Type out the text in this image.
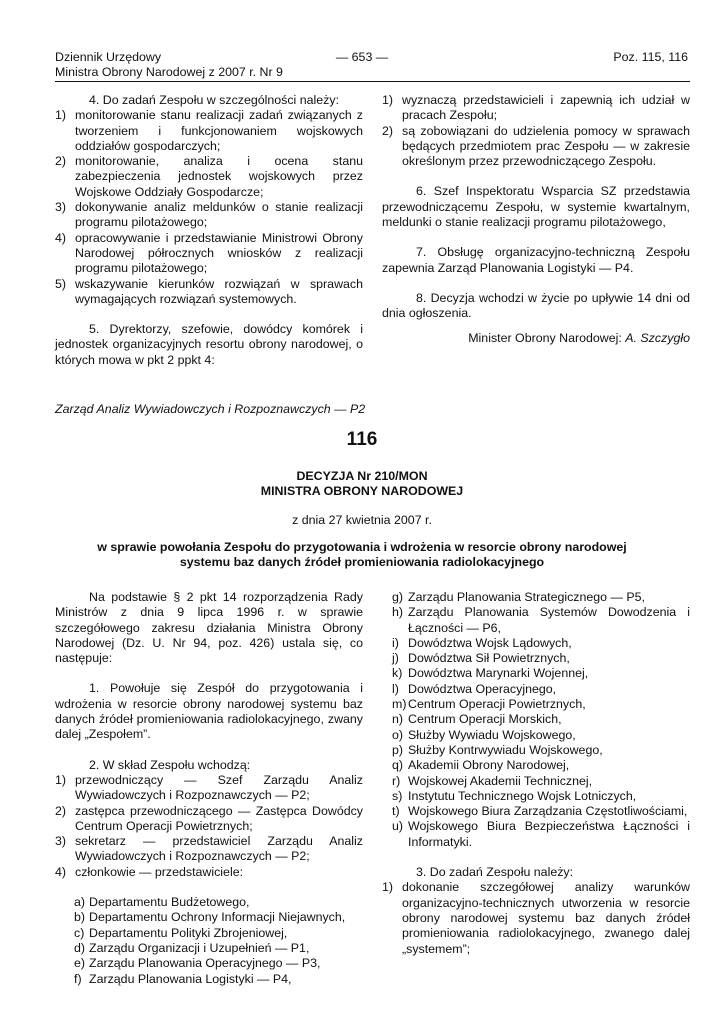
Dziennik Urzędowy
Ministra Obrony Narodowej z 2007 r. Nr 9
— 653 —	Poz. 115, 116

4. Do zadań Zespołu w szczególności należy:

1) monitorowanie stanu realizacji zadań związanych z tworzeniem i funkcjonowaniem wojskowych oddziałów gospodarczych;
2) monitorowanie, analiza i ocena stanu zabezpieczenia jednostek wojskowych przez Wojskowe Oddziały Gospodarcze;
3) dokonywanie analiz meldunków o stanie realizacji programu pilotażowego;
4) opracowywanie i przedstawianie Ministrowi Obrony Narodowej półrocznych wniosków z realizacji programu pilotażowego;
5) wskazywanie kierunków rozwiązań w sprawach wymagających rozwiązań systemowych.

5. Dyrektorzy, szefowie, dowódcy komórek i jednostek organizacyjnych resortu obrony narodowej, o których mowa w pkt 2 ppkt 4:

1) wyznaczą przedstawicieli i zapewnią ich udział w pracach Zespołu;
2) są zobowiązani do udzielenia pomocy w sprawach będących przedmiotem prac Zespołu — w zakresie określonym przez przewodniczącego Zespołu.

6. Szef Inspektoratu Wsparcia SZ przedstawia przewodniczącemu Zespołu, w systemie kwartalnym, meldunki o stanie realizacji programu pilotażowego,

7. Obsługę organizacyjno-techniczną Zespołu zapewnia Zarząd Planowania Logistyki — P4.

8. Decyzja wchodzi w życie po upływie 14 dni od dnia ogłoszenia.

Minister Obrony Narodowej: A. Szczygło

Zarząd Analiz Wywiadowczych i Rozpoznawczych — P2
116
DECYZJA Nr 210/MON
MINISTRA OBRONY NARODOWEJ
z dnia 27 kwietnia 2007 r.
w sprawie powołania Zespołu do przygotowania i wdrożenia w resorcie obrony narodowej
systemu baz danych źródeł promieniowania radiolokacyjnego

Na podstawie § 2 pkt 14 rozporządzenia Rady Ministrów z dnia 9 lipca 1996 r. w sprawie szczegółowego zakresu działania Ministra Obrony Narodowej (Dz. U. Nr 94, poz. 426) ustala się, co następuje:

1. Powołuje się Zespół do przygotowania i wdrożenia w resorcie obrony narodowej systemu baz danych źródeł promieniowania radiolokacyjnego, zwany dalej „Zespołem”.

2. W skład Zespołu wchodzą:

1) przewodniczący — Szef Zarządu Analiz Wywiadowczych i Rozpoznawczych — P2;
2) zastępca przewodniczącego — Zastępca Dowódcy Centrum Operacji Powietrznych;
3) sekretarz — przedstawiciel Zarządu Analiz Wywiadowczych i Rozpoznawczych — P2;
4) członkowie — przedstawiciele:
a) Departamentu Budżetowego,
b) Departamentu Ochrony Informacji Niejawnych,
c) Departamentu Polityki Zbrojeniowej,
d) Zarządu Organizacji i Uzupełnień — P1,
e) Zarządu Planowania Operacyjnego — P3,
f) Zarządu Planowania Logistyki — P4,
g) Zarządu Planowania Strategicznego — P5,
h) Zarządu Planowania Systemów Dowodzenia i Łączności — P6,
i) Dowództwa Wojsk Lądowych,
j) Dowództwa Sił Powietrznych,
k) Dowództwa Marynarki Wojennej,
l) Dowództwa Operacyjnego,
m) Centrum Operacji Powietrznych,
n) Centrum Operacji Morskich,
o) Służby Wywiadu Wojskowego,
p) Służby Kontrwywiadu Wojskowego,
q) Akademii Obrony Narodowej,
r) Wojskowej Akademii Technicznej,
s) Instytutu Technicznego Wojsk Lotniczych,
t) Wojskowego Biura Zarządzania Częstotliwościami,
u) Wojskowego Biura Bezpieczeństwa Łączności i Informatyki.

3. Do zadań Zespołu należy:

1) dokonanie szczegółowej analizy warunków organizacyjno-technicznych utworzenia w resorcie obrony narodowej systemu baz danych źródeł promieniowania radiolokacyjnego, zwanego dalej „systemem”;
